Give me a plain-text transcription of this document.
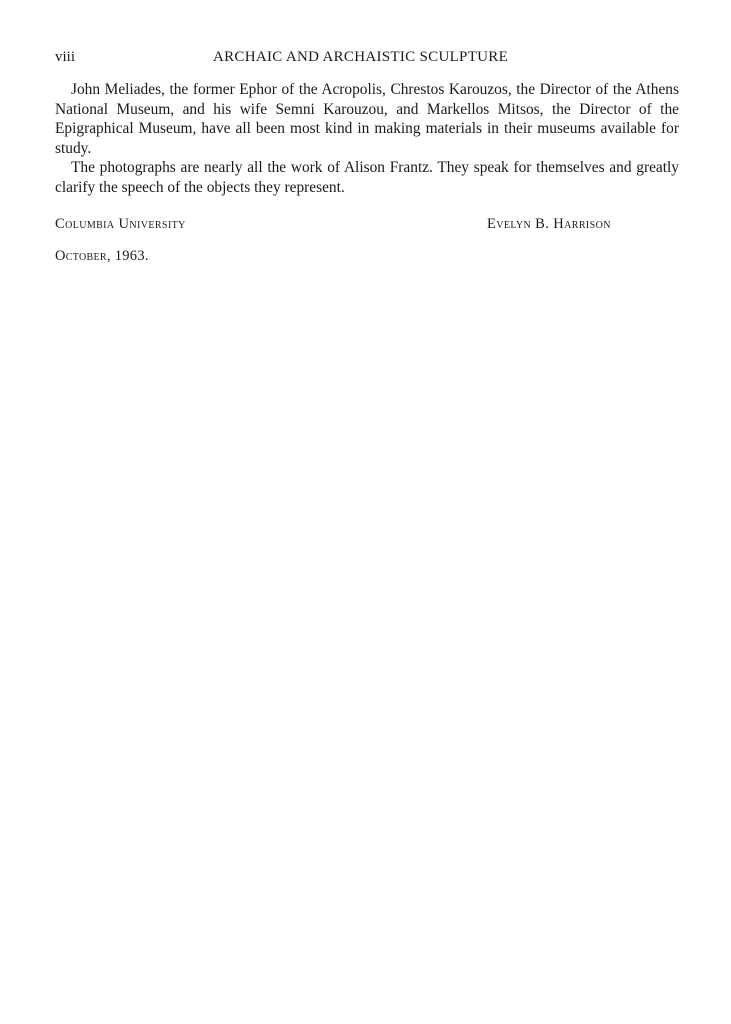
viii	ARCHAIC AND ARCHAISTIC SCULPTURE

John Meliades, the former Ephor of the Acropolis, Chrestos Karouzos, the Director of the Athens National Museum, and his wife Semni Karouzou, and Markellos Mitsos, the Director of the Epigraphical Museum, have all been most kind in making materials in their museums available for study.

The photographs are nearly all the work of Alison Frantz. They speak for themselves and greatly clarify the speech of the objects they represent.

Columbia University	Evelyn B. Harrison
October, 1963.
